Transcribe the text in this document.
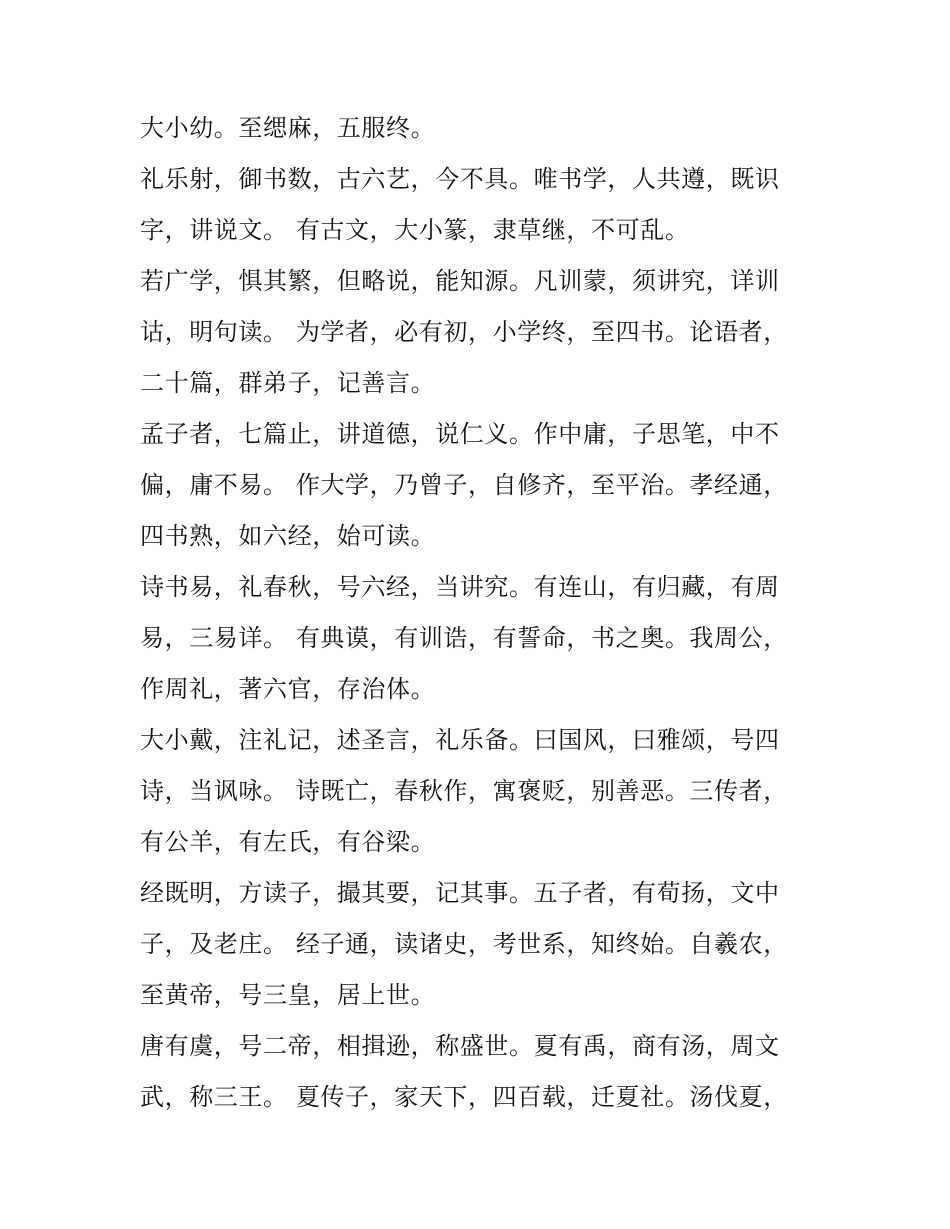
大小幼。至缌麻，五服终。
礼乐射，御书数，古六艺，今不具。唯书学，人共遵，既识
字，讲说文。 有古文，大小篆，隶草继，不可乱。
若广学，惧其繁，但略说，能知源。凡训蒙，须讲究，详训
诂，明句读。 为学者，必有初，小学终，至四书。论语者，
二十篇，群弟子，记善言。
孟子者，七篇止，讲道德，说仁义。作中庸，子思笔，中不
偏，庸不易。 作大学，乃曾子，自修齐，至平治。孝经通，
四书熟，如六经，始可读。
诗书易，礼春秋，号六经，当讲究。有连山，有归藏，有周
易，三易详。 有典谟，有训诰，有誓命，书之奥。我周公，
作周礼，著六官，存治体。
大小戴，注礼记，述圣言，礼乐备。曰国风，曰雅颂，号四
诗，当讽咏。 诗既亡，春秋作，寓褒贬，别善恶。三传者，
有公羊，有左氏，有谷梁。
经既明，方读子，撮其要，记其事。五子者，有荀扬，文中
子，及老庄。 经子通，读诸史，考世系，知终始。自羲农，
至黄帝，号三皇，居上世。
唐有虞，号二帝，相揖逊，称盛世。夏有禹，商有汤，周文
武，称三王。 夏传子，家天下，四百载，迁夏社。汤伐夏，
